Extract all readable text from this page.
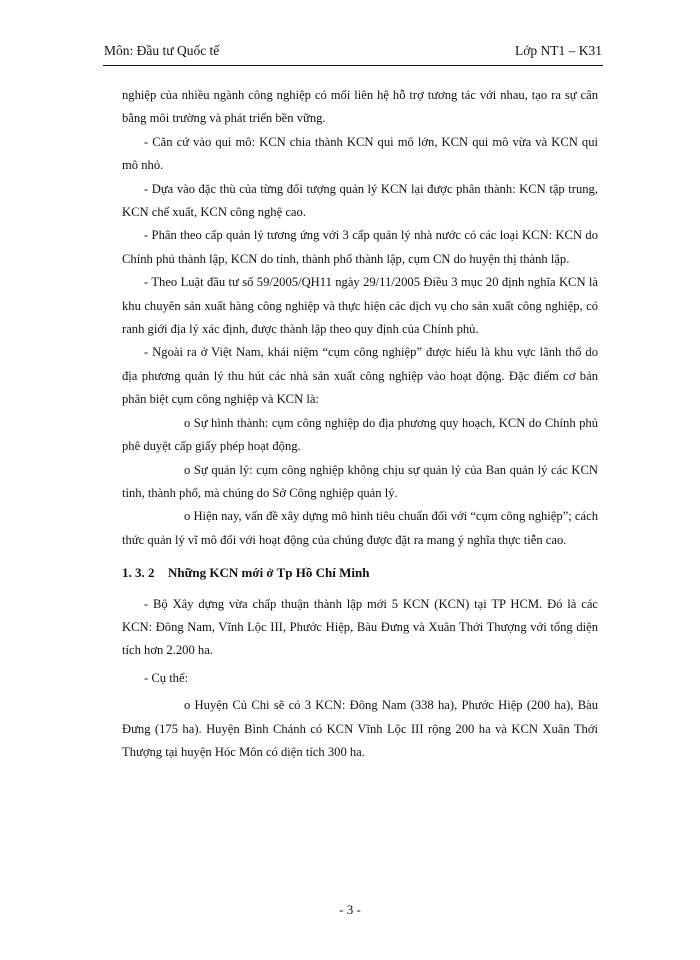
Môn: Đầu tư Quốc tế	Lớp NT1 – K31

nghiệp của nhiều ngành công nghiệp có mối liên hệ hỗ trợ tương tác với nhau, tạo ra sự cân bằng môi trường và phát triển bền vững.

- Căn cứ vào qui mô: KCN chia thành KCN qui mô lớn, KCN qui mô vừa và KCN qui mô nhỏ.

- Dựa vào đặc thù của từng đối tượng quản lý KCN lại được phân thành: KCN tập trung, KCN chế xuất, KCN công nghệ cao.

- Phân theo cấp quản lý tương ứng với 3 cấp quản lý nhà nước có các loại KCN: KCN do Chính phủ thành lập, KCN do tỉnh, thành phố thành lập, cụm CN do huyện thị thành lập.

- Theo Luật đầu tư số 59/2005/QH11 ngày 29/11/2005 Điều 3 mục 20 định nghĩa KCN là khu chuyên sản xuất hàng công nghiệp và thực hiện các dịch vụ cho sản xuất công nghiệp, có ranh giới địa lý xác định, được thành lập theo quy định của Chính phủ.

- Ngoài ra ở Việt Nam, khái niệm “cụm công nghiệp” được hiểu là khu vực lãnh thổ do địa phương quản lý thu hút các nhà sản xuất công nghiệp vào hoạt động. Đặc điểm cơ bản phân biệt cụm công nghiệp và KCN là:

o Sự hình thành: cụm công nghiệp do địa phương quy hoạch, KCN do Chính phủ phê duyệt cấp giấy phép hoạt động.

o Sự quản lý: cụm công nghiệp không chịu sự quản lý của Ban quản lý các KCN tỉnh, thành phố, mà chúng do Sở Công nghiệp quản lý.

o Hiện nay, vấn đề xây dựng mô hình tiêu chuẩn đối với “cụm công nghiệp”; cách thức quản lý vĩ mô đối với hoạt động của chúng được đặt ra mang ý nghĩa thực tiễn cao.

1. 3. 2 Những KCN mới ở Tp Hồ Chí Minh

- Bộ Xây dựng vừa chấp thuận thành lập mới 5 KCN (KCN) tại TP HCM. Đó là các KCN: Đông Nam, Vĩnh Lộc III, Phước Hiệp, Bàu Đưng và Xuân Thới Thượng với tổng diện tích hơn 2.200 ha.

- Cụ thể:

o Huyện Củ Chi sẽ có 3 KCN: Đông Nam (338 ha), Phước Hiệp (200 ha), Bàu Đưng (175 ha). Huyện Bình Chánh có KCN Vĩnh Lộc III rộng 200 ha và KCN Xuân Thới Thượng tại huyện Hóc Môn có diện tích 300 ha.

- 3 -
